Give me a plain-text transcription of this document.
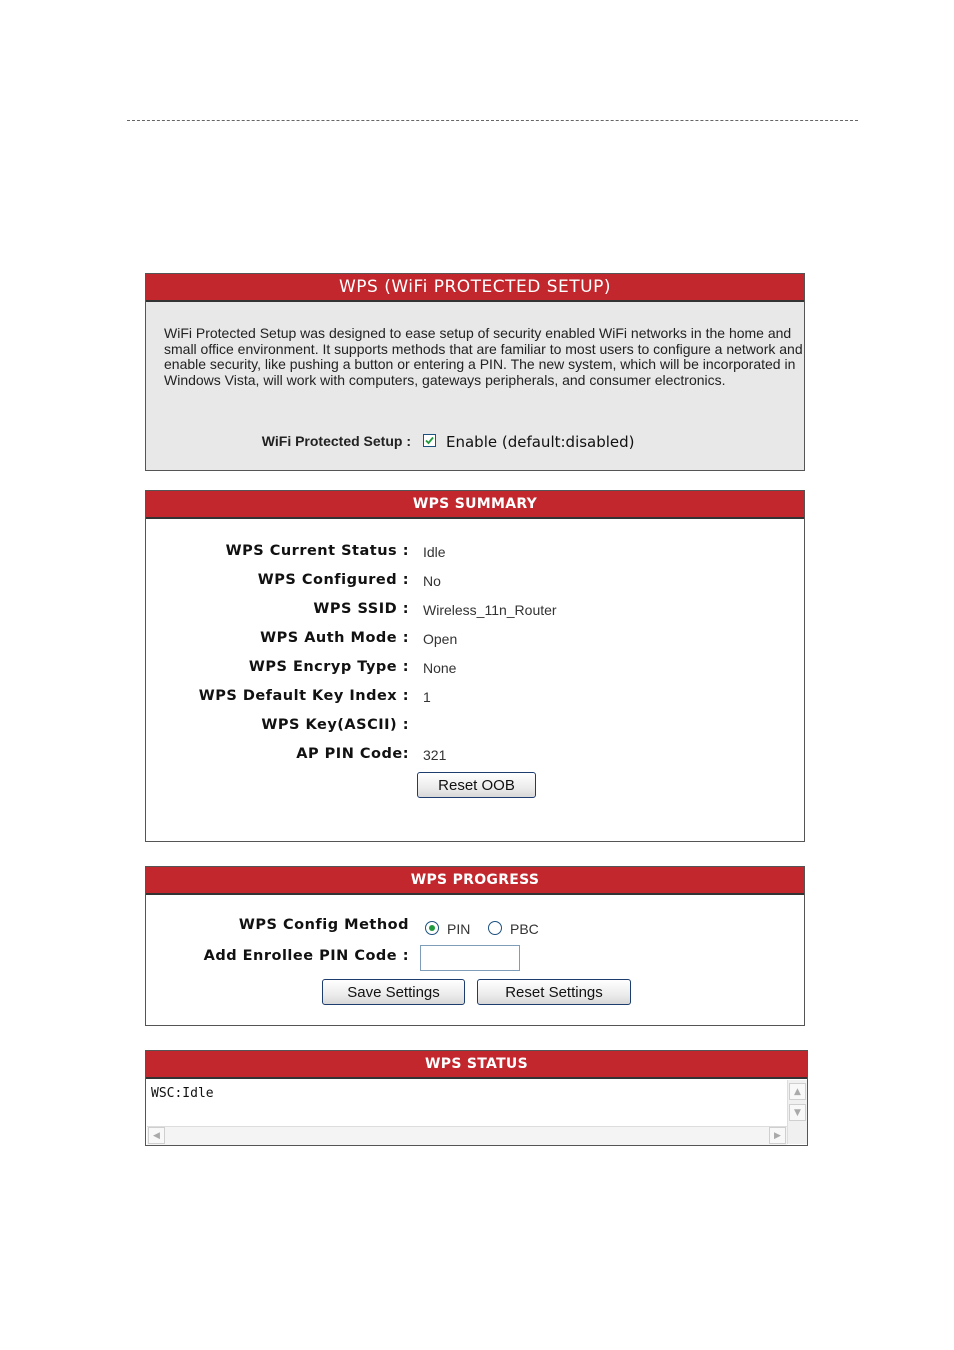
WPS (WiFi PROTECTED SETUP)
WiFi Protected Setup was designed to ease setup of security enabled WiFi networks in the home and small office environment. It supports methods that are familiar to most users to configure a network and enable security, like pushing a button or entering a PIN. The new system, which will be incorporated in Windows Vista, will work with computers, gateways peripherals, and consumer electronics.
WiFi Protected Setup : Enable (default:disabled)
WPS SUMMARY
WPS Current Status : Idle
WPS Configured : No
WPS SSID : Wireless_11n_Router
WPS Auth Mode : Open
WPS Encryp Type : None
WPS Default Key Index : 1
WPS Key(ASCII) :
AP PIN Code: 321
Reset OOB
WPS PROGRESS
WPS Config Method	PIN	PBC
Add Enrollee PIN Code :
Save Settings	Reset Settings
WPS STATUS
WSC:Idle	▲
▼
◀	▶
